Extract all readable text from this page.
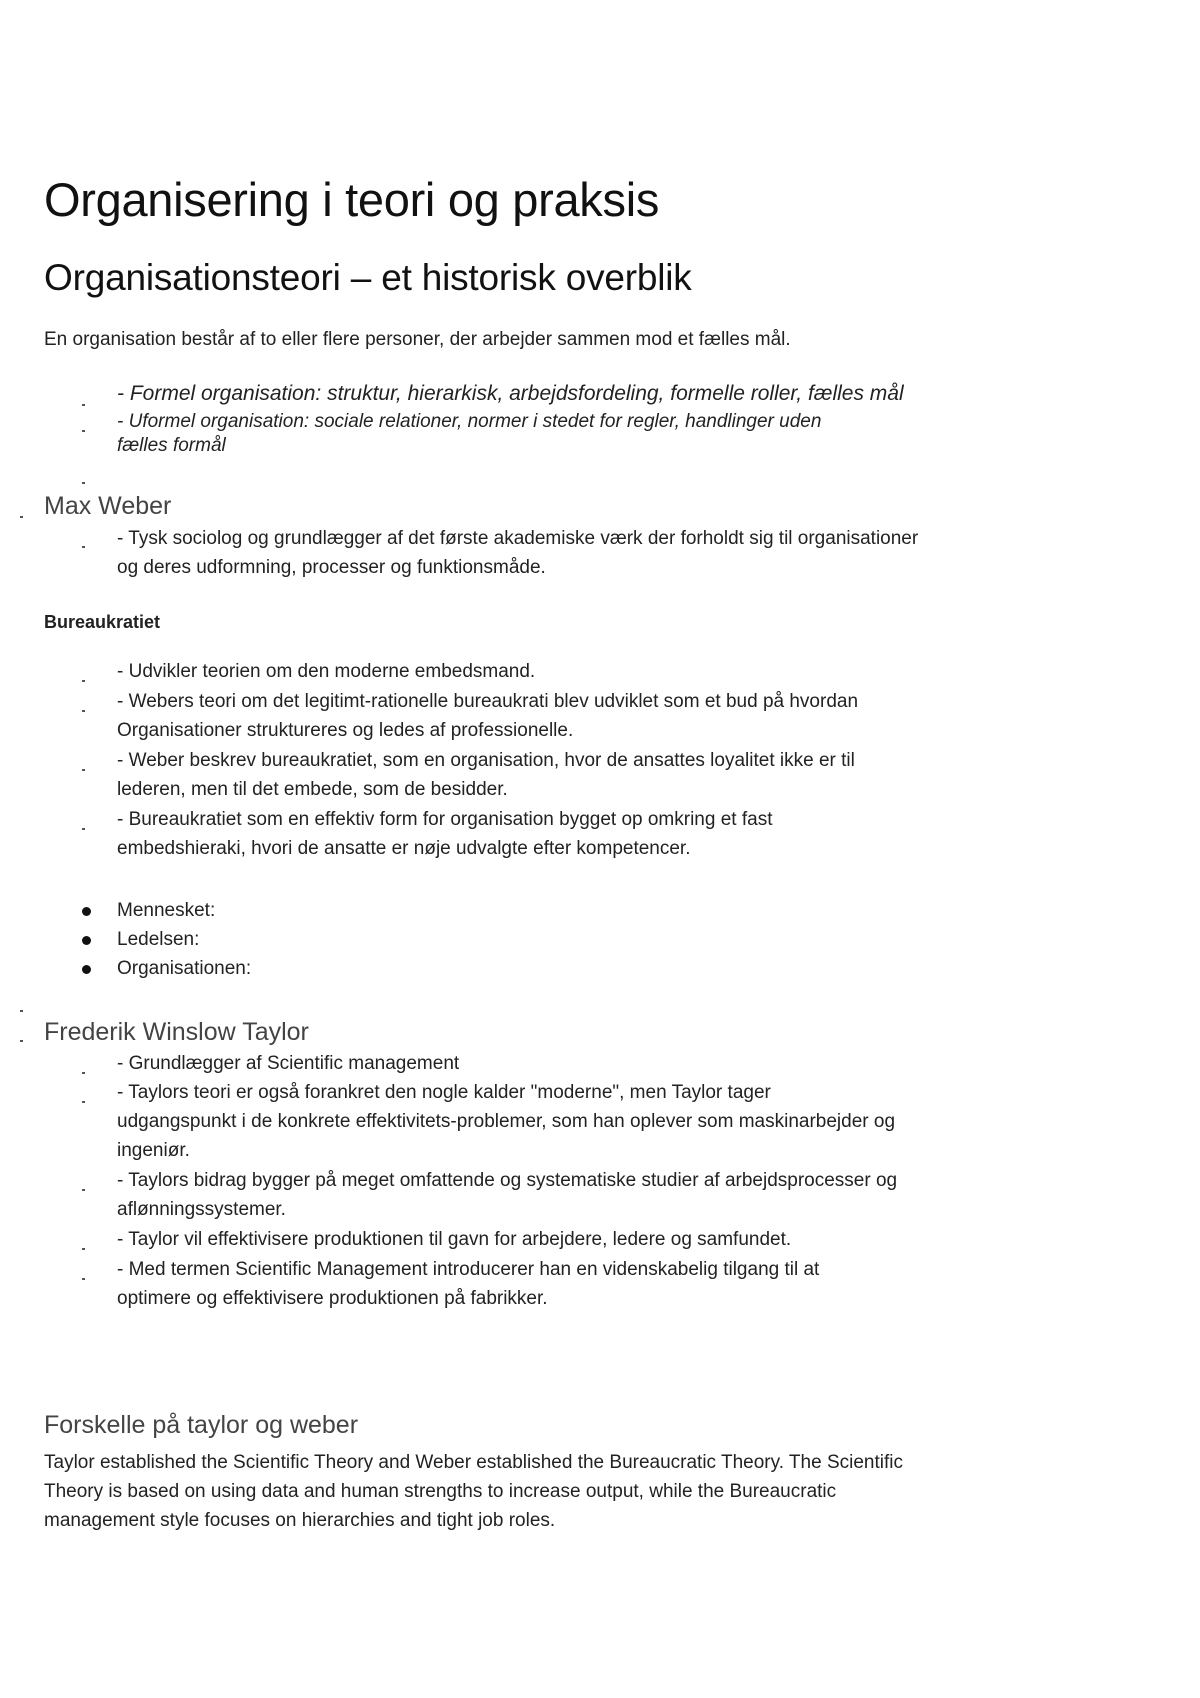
Organisering i teori og praksis
Organisationsteori – et historisk overblik
En organisation består af to eller flere personer, der arbejder sammen mod et fælles mål.
- Formel organisation: struktur, hierarkisk, arbejdsfordeling, formelle roller, fælles mål
- Uformel organisation: sociale relationer, normer i stedet for regler, handlinger uden
fælles formål
Max Weber
- Tysk sociolog og grundlægger af det første akademiske værk der forholdt sig til organisationer
og deres udformning, processer og funktionsmåde.
Bureaukratiet
- Udvikler teorien om den moderne embedsmand.
- Webers teori om det legitimt-rationelle bureaukrati blev udviklet som et bud på hvordan
Organisationer struktureres og ledes af professionelle.
- Weber beskrev bureaukratiet, som en organisation, hvor de ansattes loyalitet ikke er til
lederen, men til det embede, som de besidder.
- Bureaukratiet som en effektiv form for organisation bygget op omkring et fast
embedshieraki, hvori de ansatte er nøje udvalgte efter kompetencer.
Mennesket:
Ledelsen:
Organisationen:
Frederik Winslow Taylor
- Grundlægger af Scientific management
- Taylors teori er også forankret den nogle kalder "moderne", men Taylor tager
udgangspunkt i de konkrete effektivitets-problemer, som han oplever som maskinarbejder og
ingeniør.
- Taylors bidrag bygger på meget omfattende og systematiske studier af arbejdsprocesser og
aflønningssystemer.
- Taylor vil effektivisere produktionen til gavn for arbejdere, ledere og samfundet.
- Med termen Scientific Management introducerer han en videnskabelig tilgang til at
optimere og effektivisere produktionen på fabrikker.
Forskelle på taylor og weber
Taylor established the Scientific Theory and Weber established the Bureaucratic Theory. The Scientific
Theory is based on using data and human strengths to increase output, while the Bureaucratic
management style focuses on hierarchies and tight job roles.
